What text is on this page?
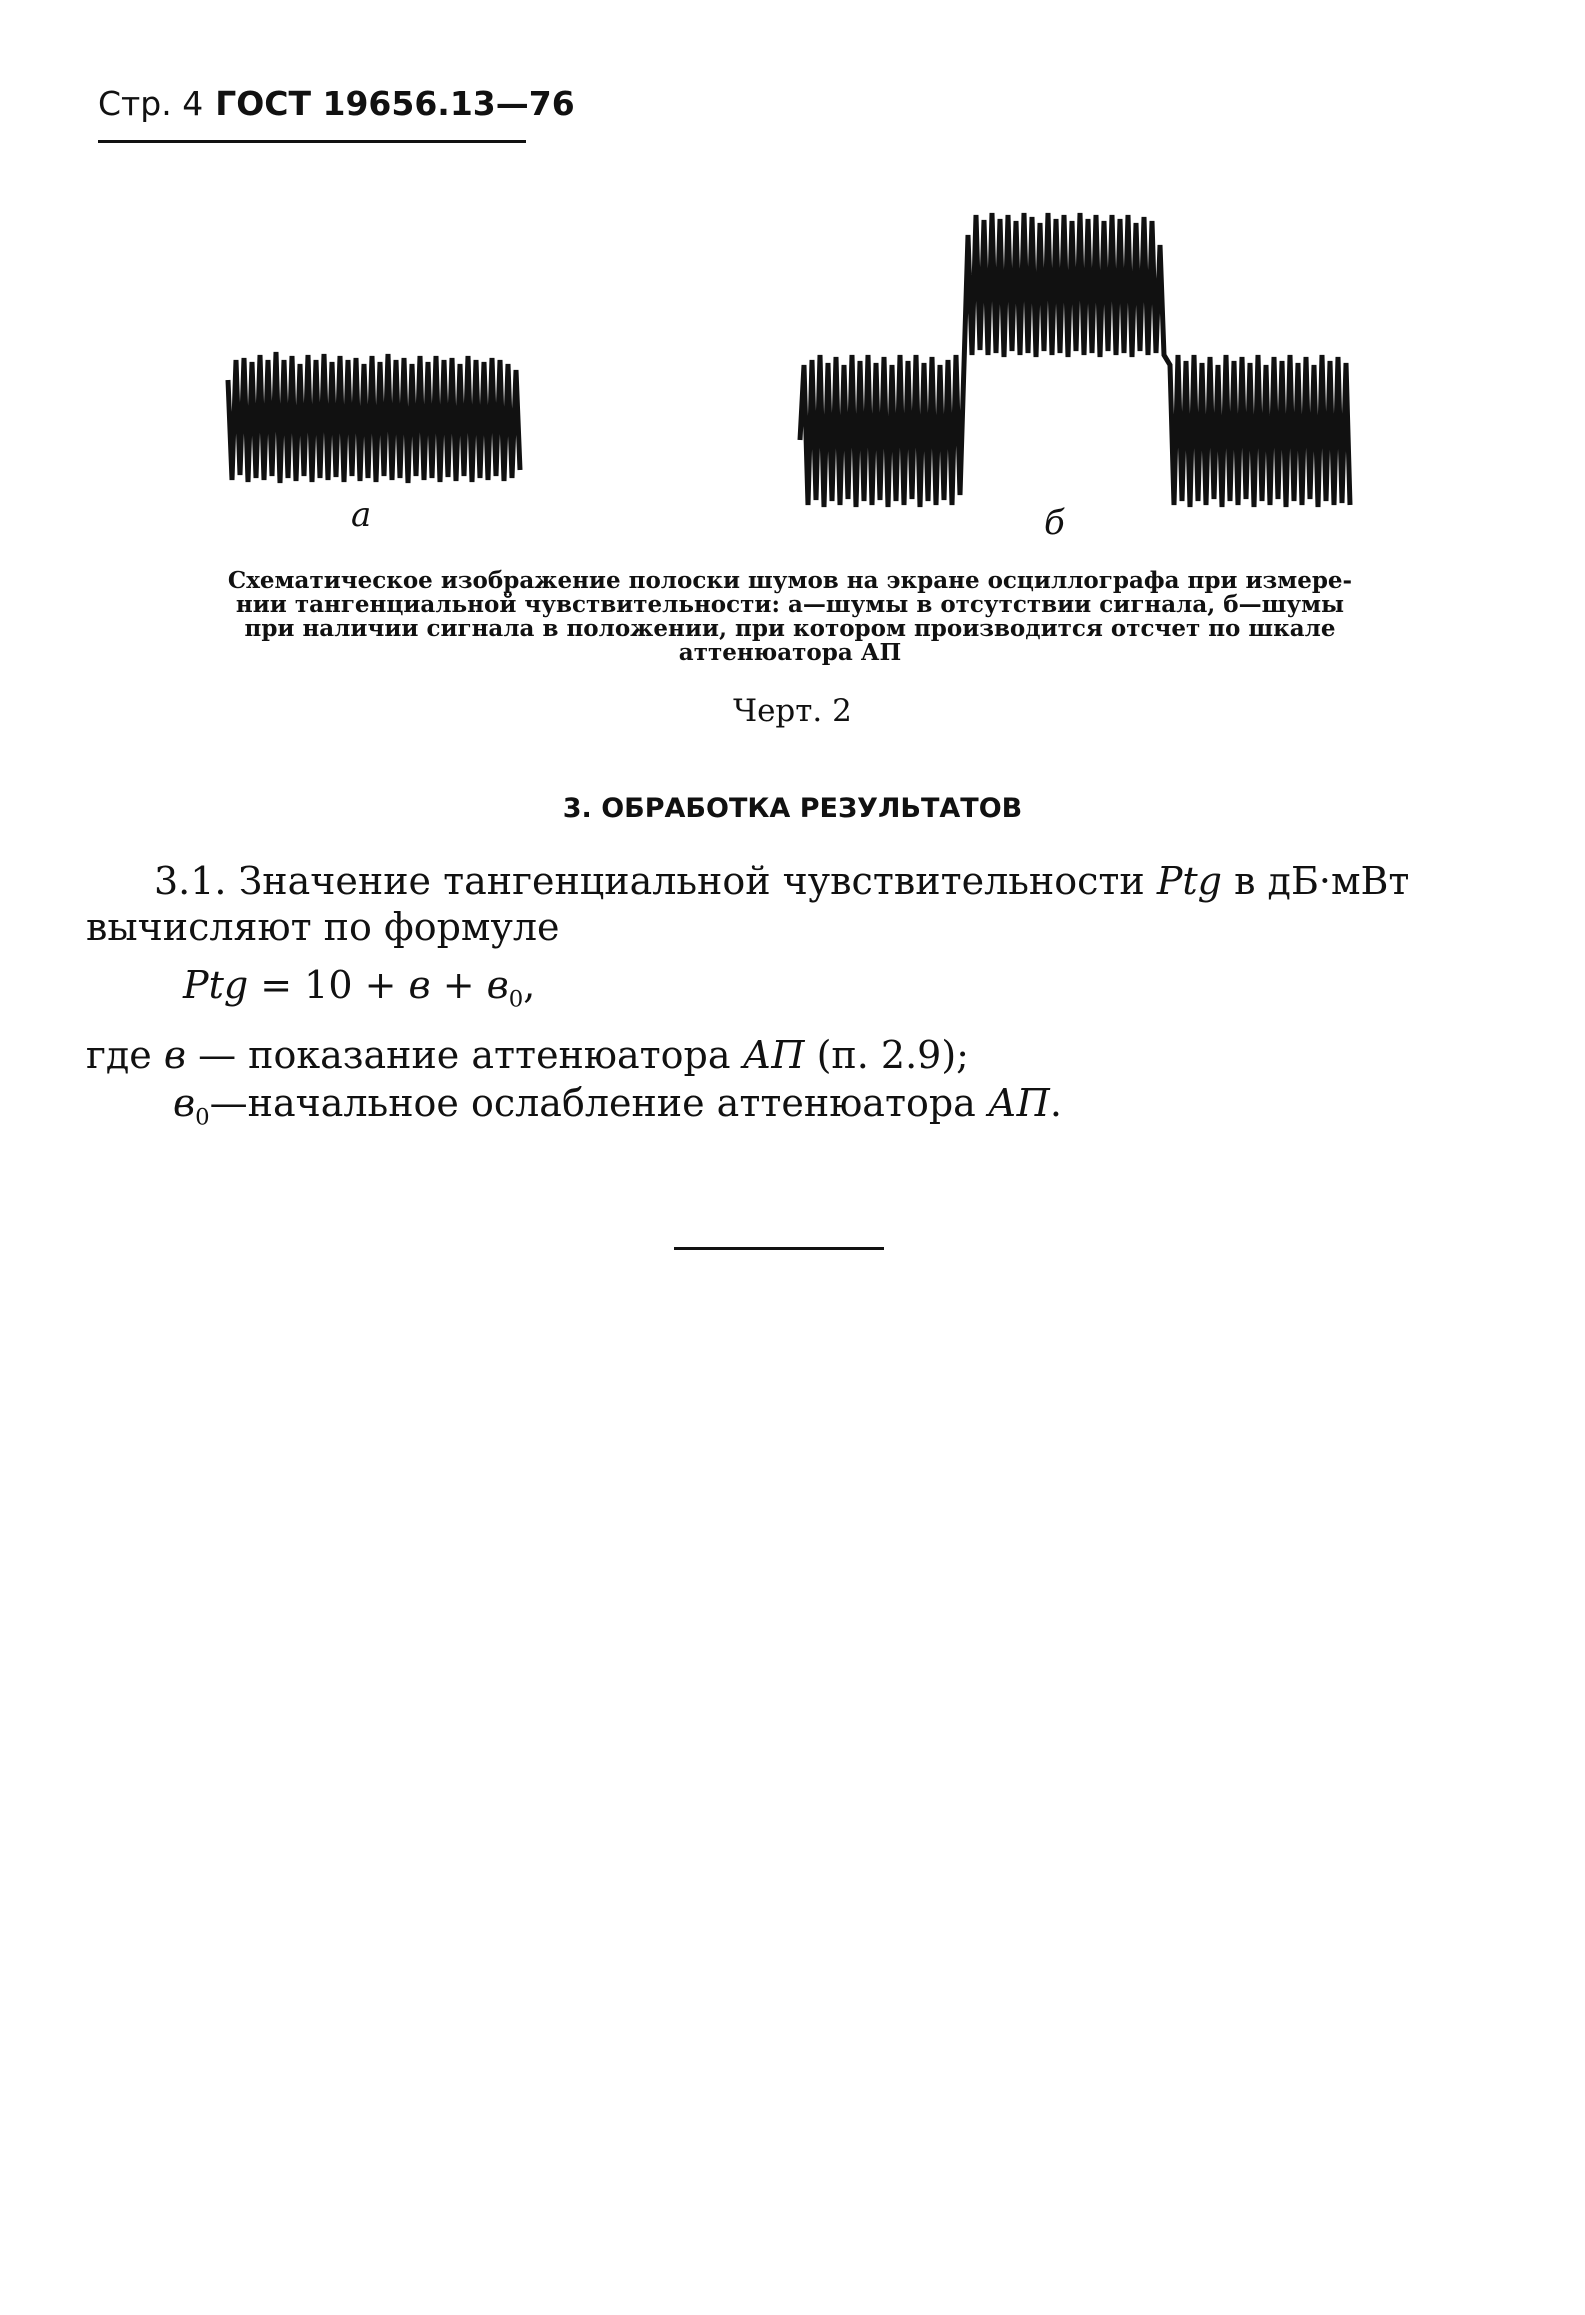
Стр. 4 ГОСТ 19656.13—76
а	б
Схематическое изображение полоски шумов на экране осциллографа при измере-
нии тангенциальной чувствительности: а—шумы в отсутствии сигнала, б—шумы
при наличии сигнала в положении, при котором производится отсчет по шкале
аттенюатора АП
Черт. 2
3. ОБРАБОТКА РЕЗУЛЬТАТОВ
3.1. Значение тангенциальной чувствительности Ptg в дБ·мВт вычисляют по формуле
Ptg = $10 + в + в_0$,
где в — показание аттенюатора АП (п. 2.9);
$в_0—начальное$ ослабление аттенюатора АП.
